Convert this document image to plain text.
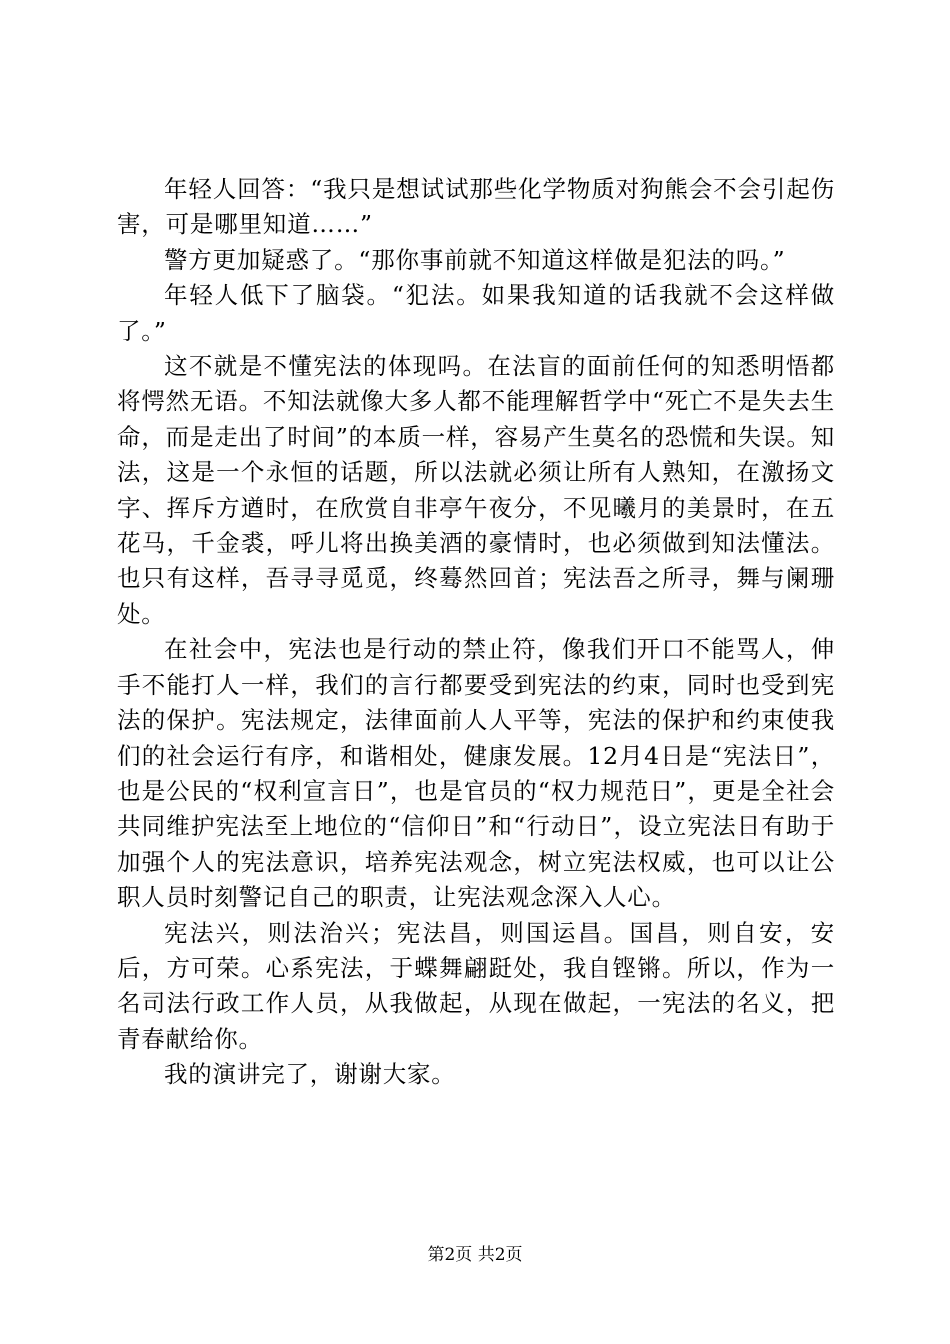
年轻人回答：“我只是想试试那些化学物质对狗熊会不会引起伤害，可是哪里知道……”

警方更加疑惑了。“那你事前就不知道这样做是犯法的吗。”

年轻人低下了脑袋。“犯法。如果我知道的话我就不会这样做了。”

这不就是不懂宪法的体现吗。在法盲的面前任何的知悉明悟都将愕然无语。不知法就像大多人都不能理解哲学中“死亡不是失去生命，而是走出了时间”的本质一样，容易产生莫名的恐慌和失误。知法，这是一个永恒的话题，所以法就必须让所有人熟知，在激扬文字、挥斥方遒时，在欣赏自非亭午夜分，不见曦月的美景时，在五花马，千金裘，呼儿将出换美酒的豪情时，也必须做到知法懂法。也只有这样，吾寻寻觅觅，终蓦然回首；宪法吾之所寻，舞与阑珊处。

在社会中，宪法也是行动的禁止符，像我们开口不能骂人，伸手不能打人一样，我们的言行都要受到宪法的约束，同时也受到宪法的保护。宪法规定，法律面前人人平等，宪法的保护和约束使我们的社会运行有序，和谐相处，健康发展。12月4日是“宪法日”，也是公民的“权利宣言日”，也是官员的“权力规范日”，更是全社会共同维护宪法至上地位的“信仰日”和“行动日”，设立宪法日有助于加强个人的宪法意识，培养宪法观念，树立宪法权威，也可以让公职人员时刻警记自己的职责，让宪法观念深入人心。

宪法兴，则法治兴；宪法昌，则国运昌。国昌，则自安，安后，方可荣。心系宪法，于蝶舞翩跹处，我自铿锵。所以，作为一名司法行政工作人员，从我做起，从现在做起，一宪法的名义，把青春献给你。

我的演讲完了，谢谢大家。

第2页 共2页
